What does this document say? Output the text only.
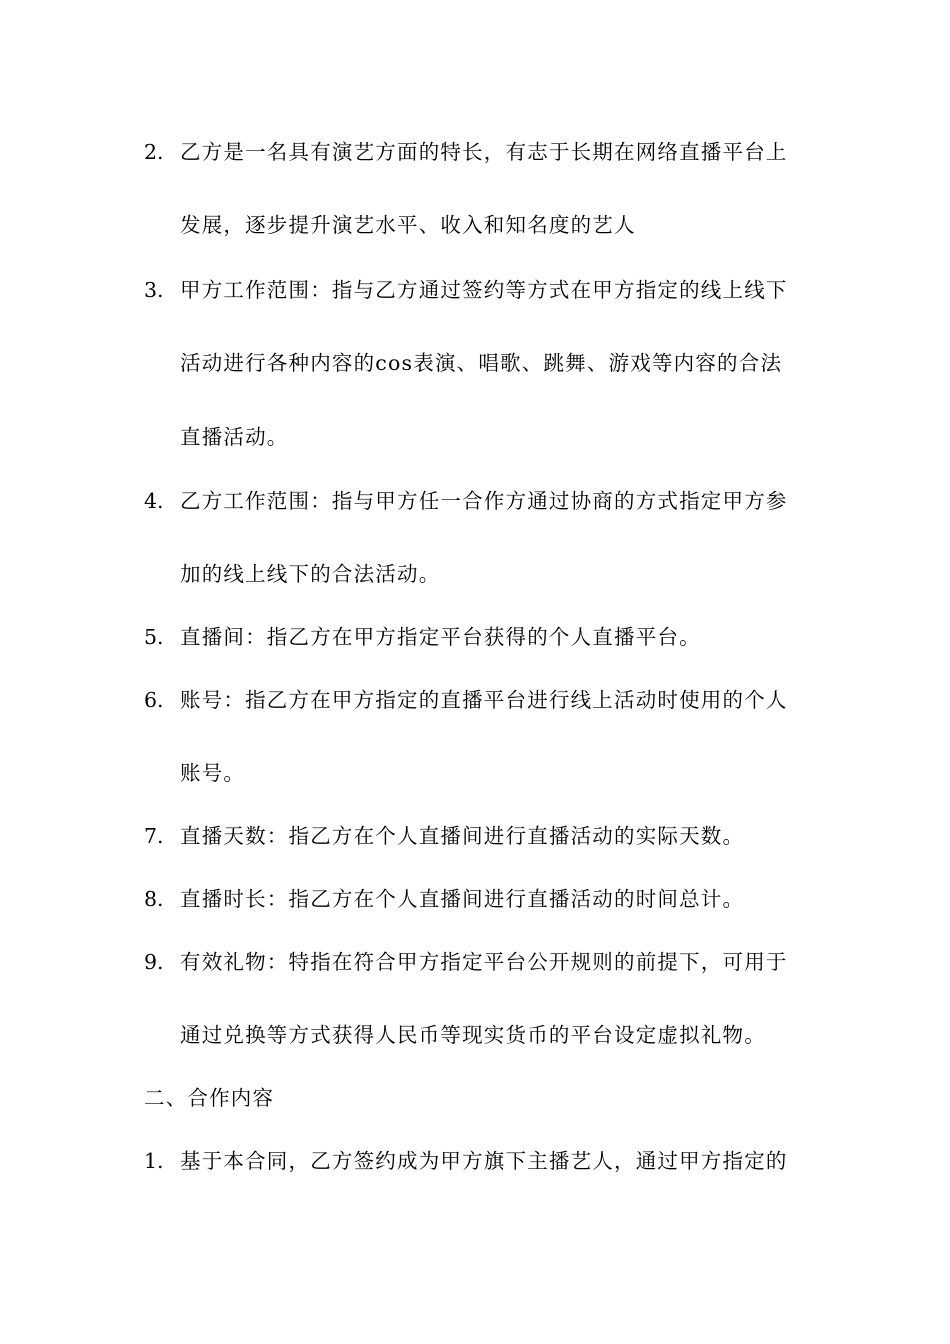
2. 乙方是一名具有演艺方面的特长，有志于长期在网络直播平台上
发展，逐步提升演艺水平、收入和知名度的艺人
3. 甲方工作范围：指与乙方通过签约等方式在甲方指定的线上线下
活动进行各种内容的cos表演、唱歌、跳舞、游戏等内容的合法
直播活动。
4. 乙方工作范围：指与甲方任一合作方通过协商的方式指定甲方参
加的线上线下的合法活动。
5. 直播间：指乙方在甲方指定平台获得的个人直播平台。
6. 账号：指乙方在甲方指定的直播平台进行线上活动时使用的个人
账号。
7. 直播天数：指乙方在个人直播间进行直播活动的实际天数。
8. 直播时长：指乙方在个人直播间进行直播活动的时间总计。
9. 有效礼物：特指在符合甲方指定平台公开规则的前提下，可用于
通过兑换等方式获得人民币等现实货币的平台设定虚拟礼物。
二、合作内容
1. 基于本合同，乙方签约成为甲方旗下主播艺人，通过甲方指定的
